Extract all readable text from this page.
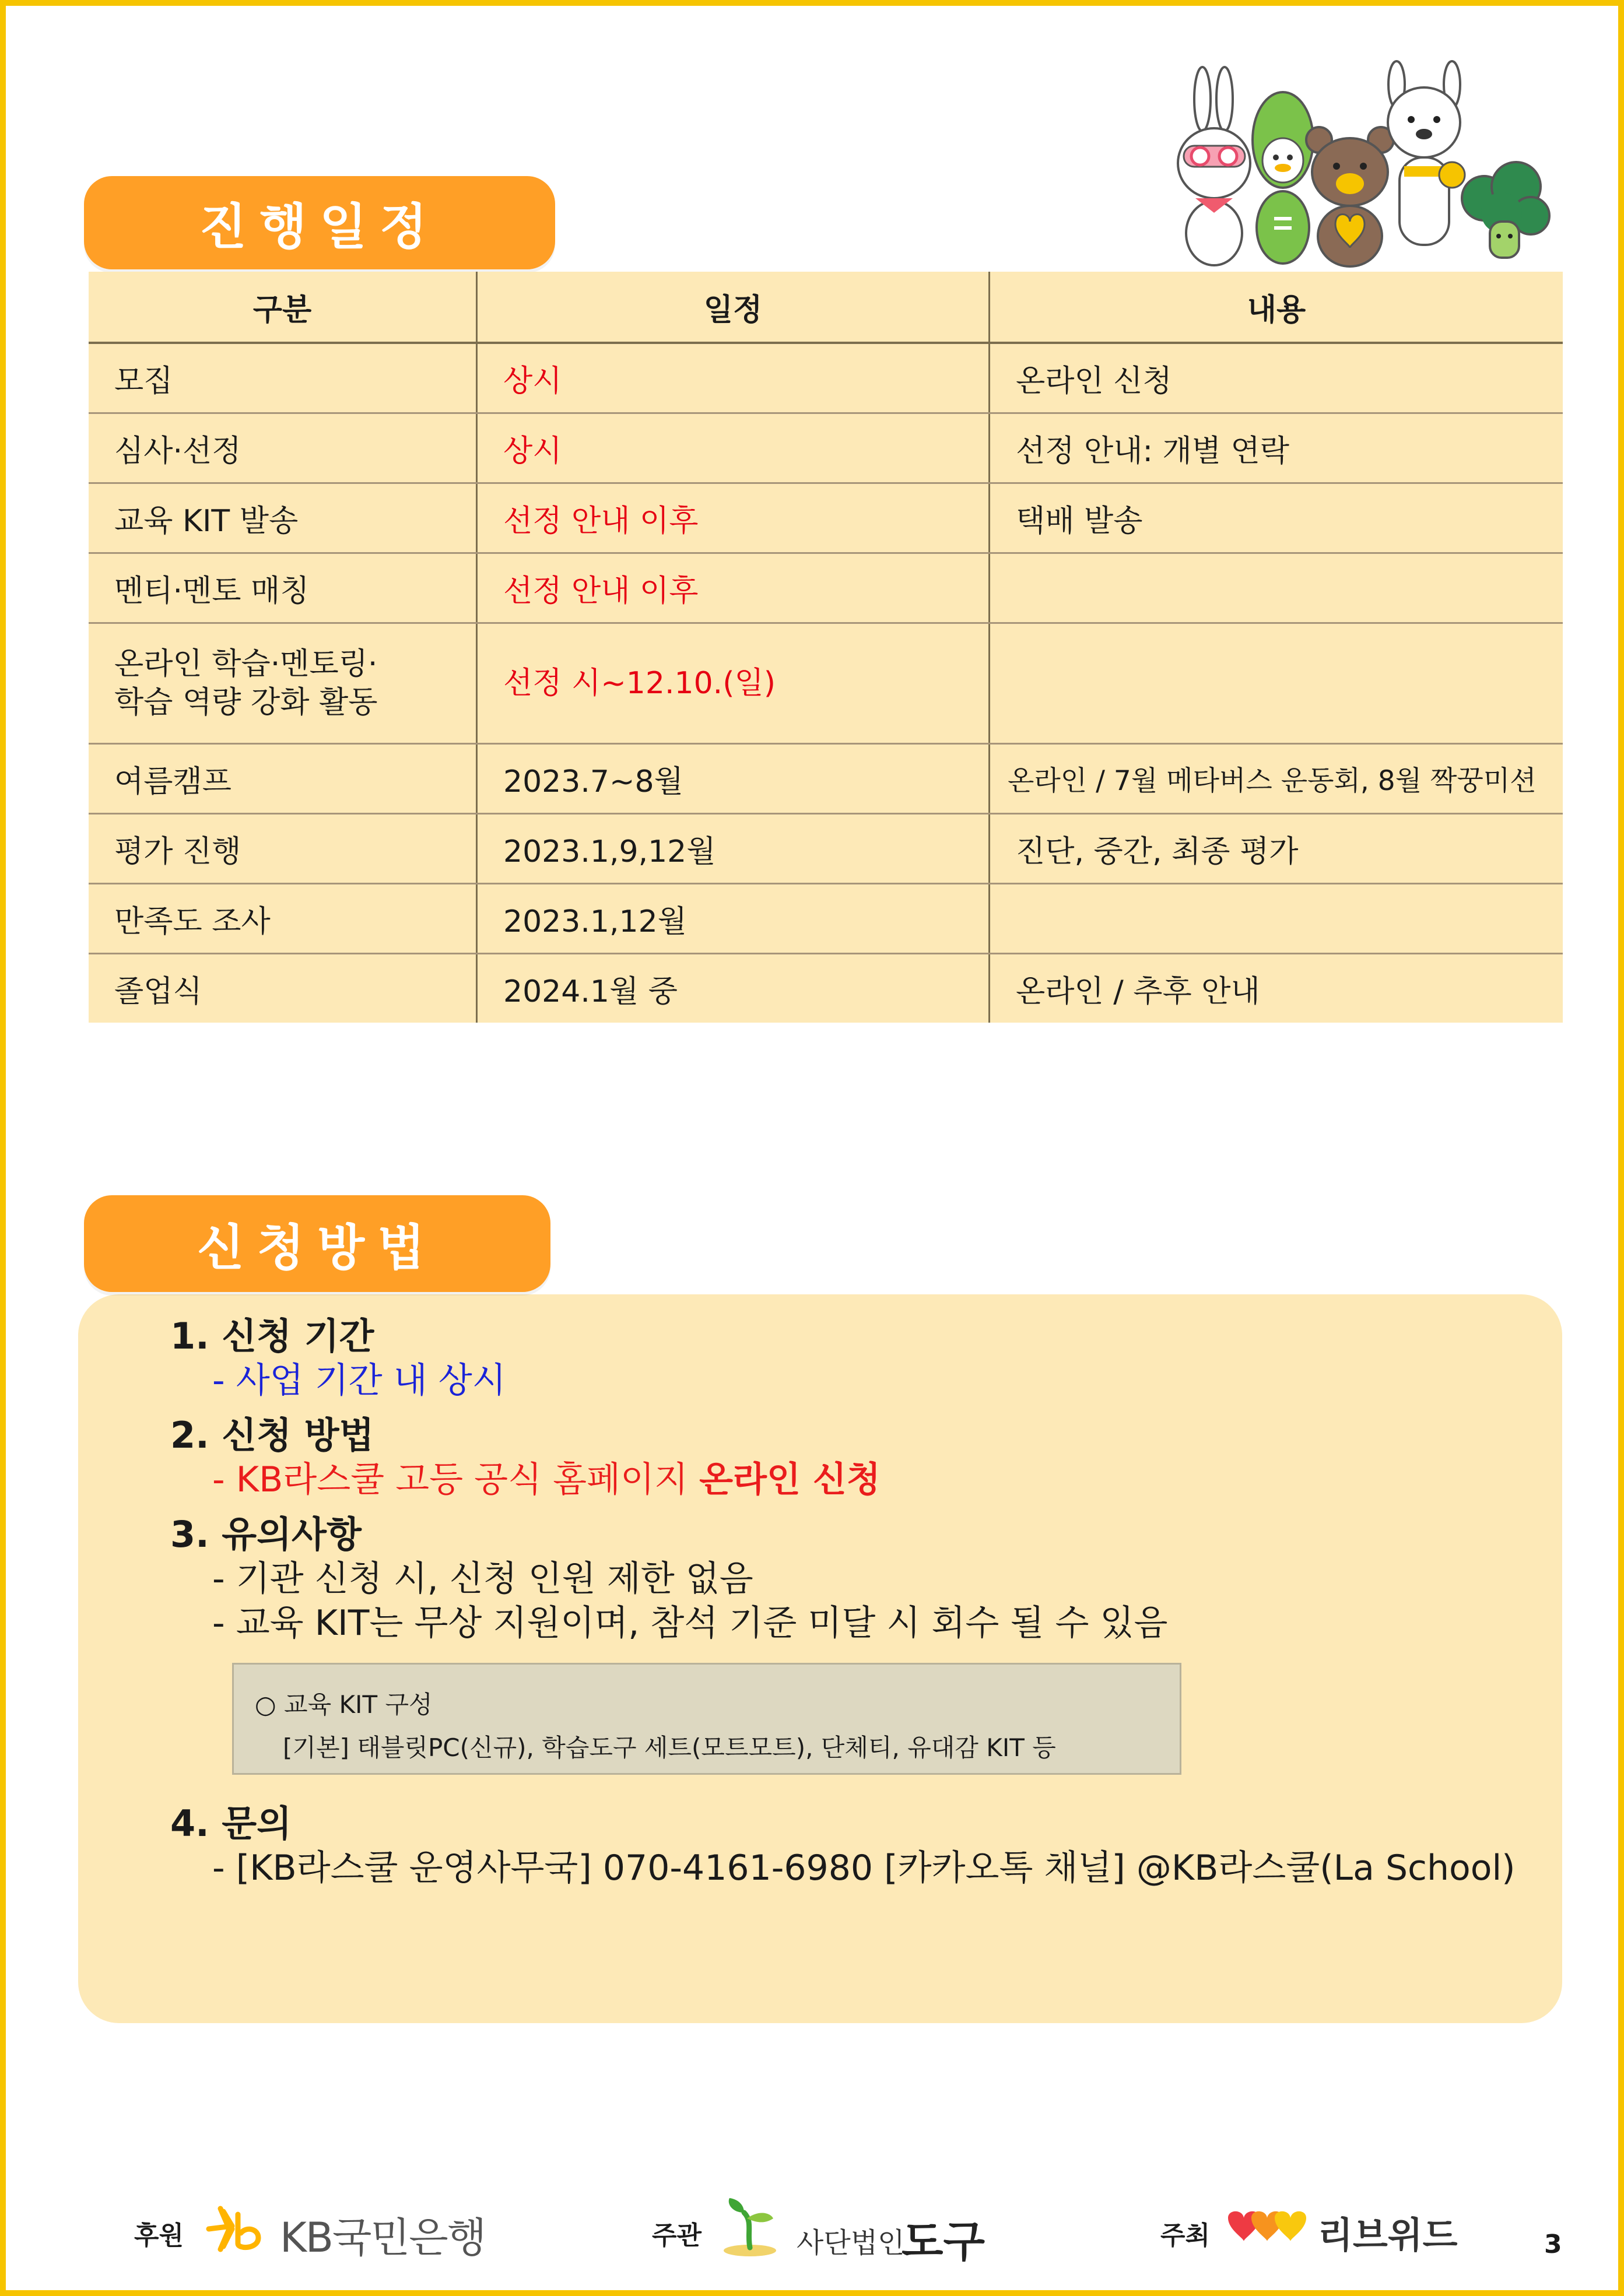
진행일정
구분	일정	내용
모집	상시	온라인 신청
심사·선정	상시	선정 안내: 개별 연락
교육 KIT 발송	선정 안내 이후	택배 발송
멘티·멘토 매칭	선정 안내 이후	
온라인 학습·멘토링·
학습 역량 강화 활동	선정 시~12.10.(일)	
여름캠프	2023.7~8월	온라인 / 7월 메타버스 운동회, 8월 짝꿍미션
평가 진행	2023.1,9,12월	진단, 중간, 최종 평가
만족도 조사	2023.1,12월	
졸업식	2024.1월 중	온라인 / 추후 안내
신청방법
1. 신청 기간
- 사업 기간 내 상시
2. 신청 방법
- KB라스쿨 고등 공식 홈페이지 온라인 신청
3. 유의사항
- 기관 신청 시, 신청 인원 제한 없음
- 교육 KIT는 무상 지원이며, 참석 기준 미달 시 회수 될 수 있음
○ 교육 KIT 구성
[기본] 태블릿PC(신규), 학습도구 세트(모트모트), 단체티, 유대감 KIT 등
4. 문의
- [KB라스쿨 운영사무국] 070-4161-6980 [카카오톡 채널] @KB라스쿨(La School)
후원 KB국민은행	주관	사단법인
도구	주최	리브위드	3
